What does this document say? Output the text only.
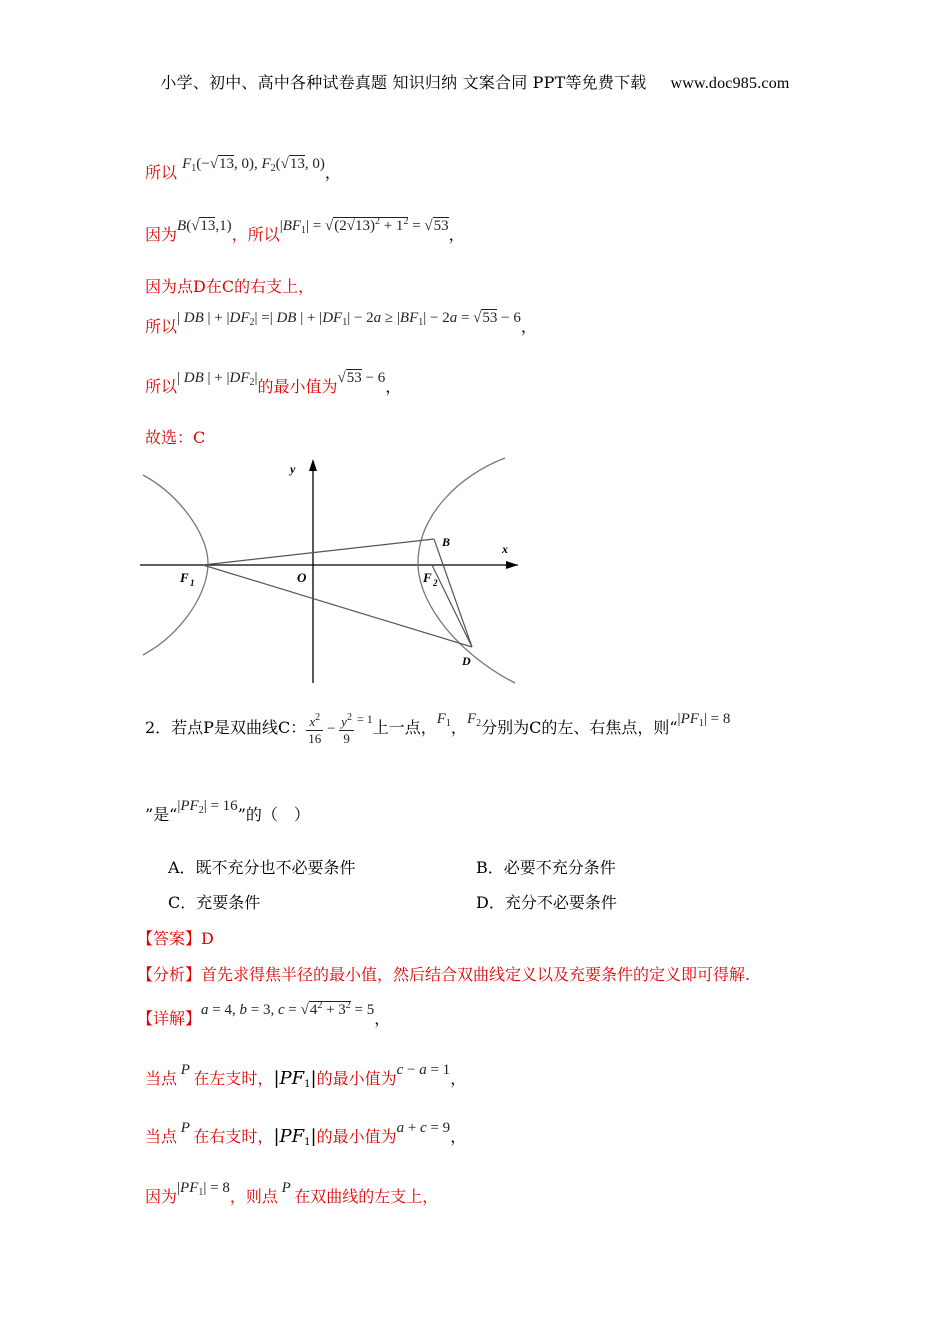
小学、初中、高中各种试卷真题 知识归纳 文案合同 PPT等免费下载 www.doc985.com
所以 $F_1(-√13$, 0), $F_2(√13$, 0)，
因为B(√13,1)，所以$|BF_1| = √(2√13)^2 + 1^2 = √53$，
因为点D在C的右支上，
所以| DB | + $|DF_2|$ =| DB | + $|DF_1| - 2a \ge |BF_1| - 2a = √53 - 6$，
所以| DB | + $|DF_2|$的最小值为√53 − 6，
故选：C
y
x
O
F 1	F 2
B
D
2．若点P是双曲线C： $\frac{x^2}{16} - \frac{y^2}{9} ^{= 1}$上一点，$F_1$，$F_2$分别为C的左、右焦点，则“$|PF_1| = 8$
”是“$|PF_2| = 16$”的（　）
A．既不充分也不必要条件	B．必要不充分条件
C．充要条件	D．充分不必要条件
【答案】D
【分析】首先求得焦半径的最小值，然后结合双曲线定义以及充要条件的定义即可得解.
【详解】a = 4, b = 3, $c = √4^2 + 3^2 = 5$，
当点 P 在左支时，$|PF_1|$的最小值为c − a = 1，
当点 P 在右支时，$|PF_1|$的最小值为a + c = 9，
因为$|PF_1| = 8$，则点 P 在双曲线的左支上，
